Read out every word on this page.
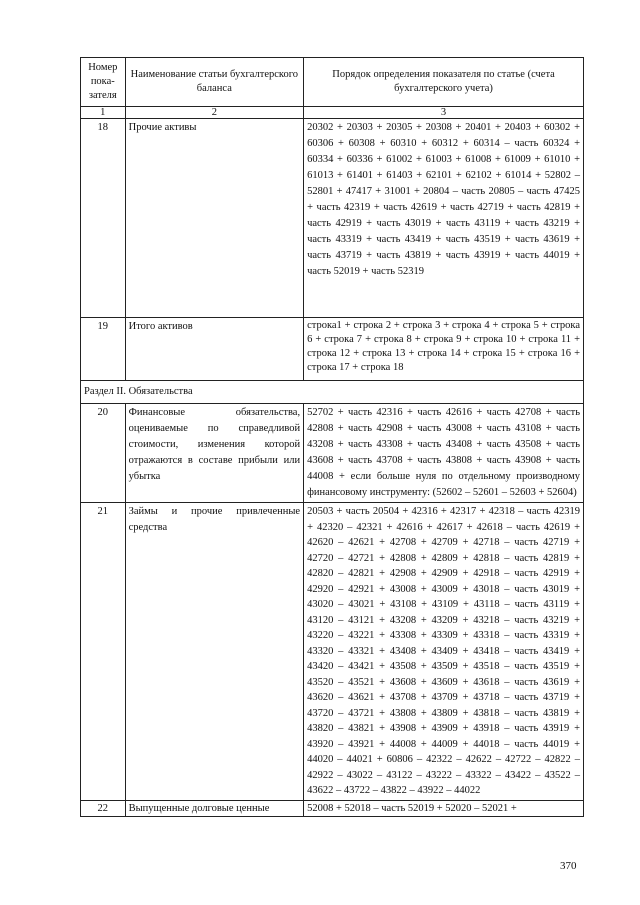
Номер пока-зателя	Наименование статьи бухгалтерского баланса	Порядок определения показателя по статье (счета бухгалтерского учета)
1	2	3
18	Прочие активы	20302 + 20303 + 20305 + 20308 + 20401 + 20403 + 60302 + 60306 + 60308 + 60310 + 60312 + 60314 – часть 60324 + 60334 + 60336 + 61002 + 61003 + 61008 + 61009 + 61010 + 61013 + 61401 + 61403 + 62101 + 62102 + 61014 + 52802 – 52801 + 47417 + 31001 + 20804 – часть 20805 – часть 47425 + часть 42319 + часть 42619 + часть 42719 + часть 42819 + часть 42919 + часть 43019 + часть 43119 + часть 43219 + часть 43319 + часть 43419 + часть 43519 + часть 43619 + часть 43719 + часть 43819 + часть 43919 + часть 44019 + часть 52019 + часть 52319
19	Итого активов	строка1 + строка 2 + строка 3 + строка 4 + строка 5 + строка 6 + строка 7 + строка 8 + строка 9 + строка 10 + строка 11 + строка 12 + строка 13 + строка 14 + строка 15 + строка 16 + строка 17 + строка 18
Раздел II. Обязательства		
20	Финансовые обязательства, оцениваемые по справедливой стоимости, изменения которой отражаются в составе прибыли или убытка	52702 + часть 42316 + часть 42616 + часть 42708 + часть 42808 + часть 42908 + часть 43008 + часть 43108 + часть 43208 + часть 43308 + часть 43408 + часть 43508 + часть 43608 + часть 43708 + часть 43808 + часть 43908 + часть 44008 + если больше нуля по отдельному производному финансовому инструменту: (52602 – 52601 – 52603 + 52604)
21	Займы и прочие привлеченные средства	20503 + часть 20504 + 42316 + 42317 + 42318 – часть 42319 + 42320 – 42321 + 42616 + 42617 + 42618 – часть 42619 + 42620 – 42621 + 42708 + 42709 + 42718 – часть 42719 + 42720 – 42721 + 42808 + 42809 + 42818 – часть 42819 + 42820 – 42821 + 42908 + 42909 + 42918 – часть 42919 + 42920 – 42921 + 43008 + 43009 + 43018 – часть 43019 + 43020 – 43021 + 43108 + 43109 + 43118 – часть 43119 + 43120 – 43121 + 43208 + 43209 + 43218 – часть 43219 + 43220 – 43221 + 43308 + 43309 + 43318 – часть 43319 + 43320 – 43321 + 43408 + 43409 + 43418 – часть 43419 + 43420 – 43421 + 43508 + 43509 + 43518 – часть 43519 + 43520 – 43521 + 43608 + 43609 + 43618 – часть 43619 + 43620 – 43621 + 43708 + 43709 + 43718 – часть 43719 + 43720 – 43721 + 43808 + 43809 + 43818 – часть 43819 + 43820 – 43821 + 43908 + 43909 + 43918 – часть 43919 + 43920 – 43921 + 44008 + 44009 + 44018 – часть 44019 + 44020 – 44021 + 60806 – 42322 – 42622 – 42722 – 42822 – 42922 – 43022 – 43122 – 43222 – 43322 – 43422 – 43522 – 43622 – 43722 – 43822 – 43922 – 44022
22	Выпущенные долговые ценные	52008 + 52018 – часть 52019 + 52020 – 52021 +
370
